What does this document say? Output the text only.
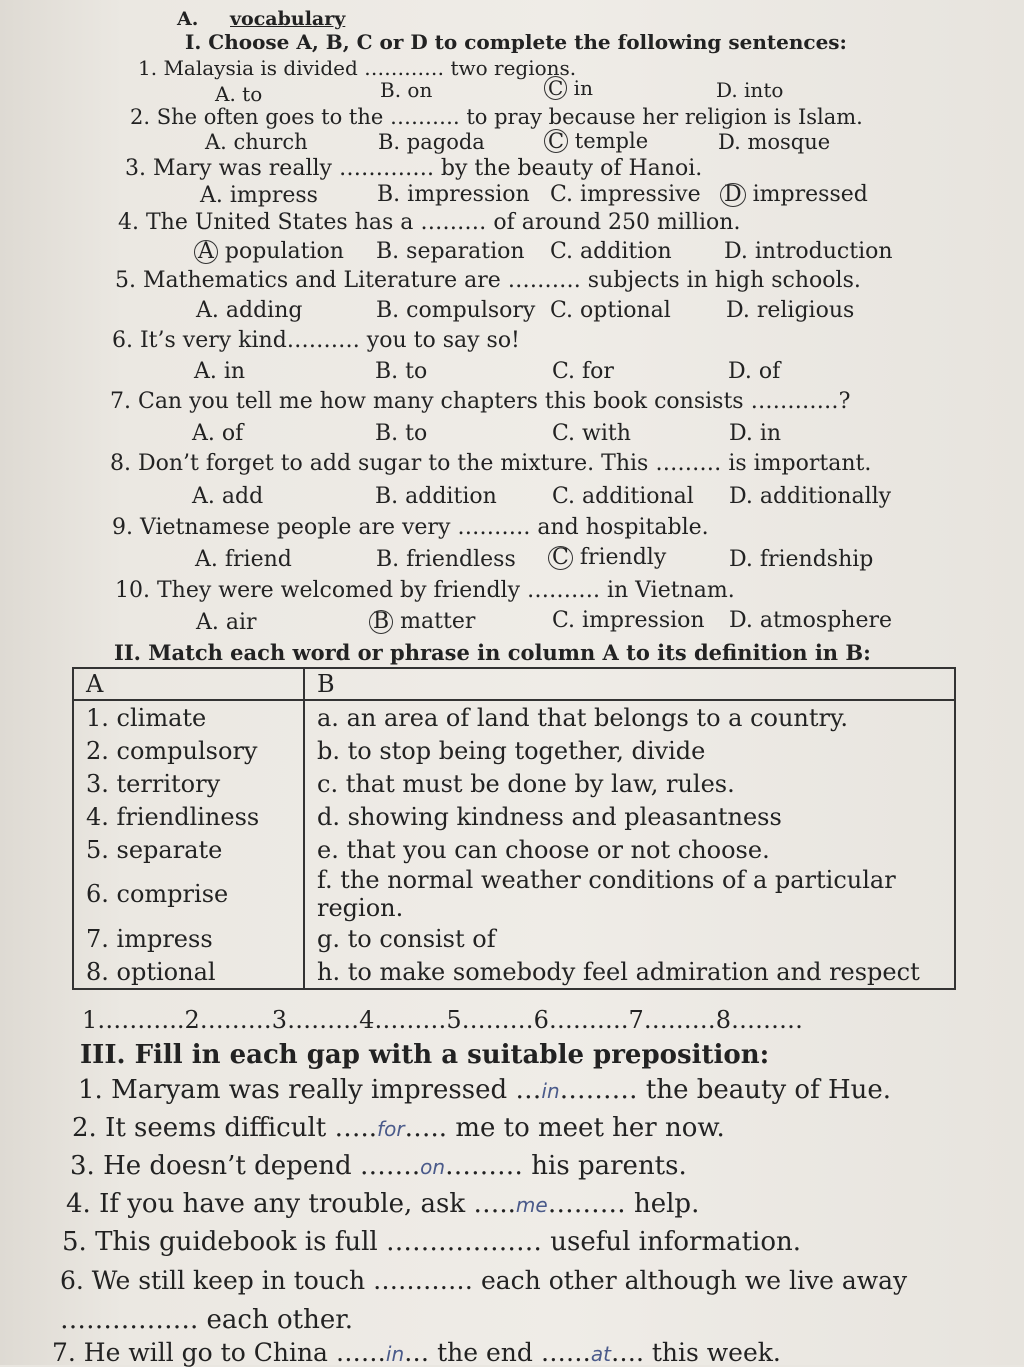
A. vocabulary
I. Choose A, B, C or D to complete the following sentences:
1. Malaysia is divided ………… two regions.
A. to	B. on	C in	D. into
2. She often goes to the ………. to pray because her religion is Islam.
A. church	B. pagoda	C temple	D. mosque
3. Mary was really …………. by the beauty of Hanoi.
A. impress	B. impression C. impressive D impressed
4. The United States has a ……… of around 250 million.
A population B. separation C. addition D. introduction
5. Mathematics and Literature are ………. subjects in high schools.
A. adding	B. compulsory C. optional	D. religious
6. It’s very kind………. you to say so!
A. in	B. to	C. for	D. of
7. Can you tell me how many chapters this book consists …………?
A. of	B. to	C. with	D. in
8. Don’t forget to add sugar to the mixture. This ……… is important.
A. add	B. addition	C. additional D. additionally
9. Vietnamese people are very ………. and hospitable.
A. friend	B. friendless C friendly	D. friendship
10. They were welcomed by friendly ………. in Vietnam.
A. air	B matter	C. impression D. atmosphere
II. Match each word or phrase in column A to its definition in B:
A	B
1. climate	a. an area of land that belongs to a country.
2. compulsory	b. to stop being together, divide
3. territory	c. that must be done by law, rules.
4. friendliness	d. showing kindness and pleasantness
5. separate	e. that you can choose or not choose.
6. comprise	f. the normal weather conditions of a particular region.
7. impress	g. to consist of
8. optional	h. to make somebody feel admiration and respect
1………..2………3………4………5………6……….7………8………
III. Fill in each gap with a suitable preposition:
1. Maryam was really impressed …in……… the beauty of Hue.
2. It seems difficult …..for….. me to meet her now.
3. He doesn’t depend …….on……… his parents.
4. If you have any trouble, ask …..me……… help.
5. This guidebook is full ……………… useful information.
6. We still keep in touch ………… each other although we live away
……………. each other.
7. He will go to China ……in… the end ……at…. this week.
